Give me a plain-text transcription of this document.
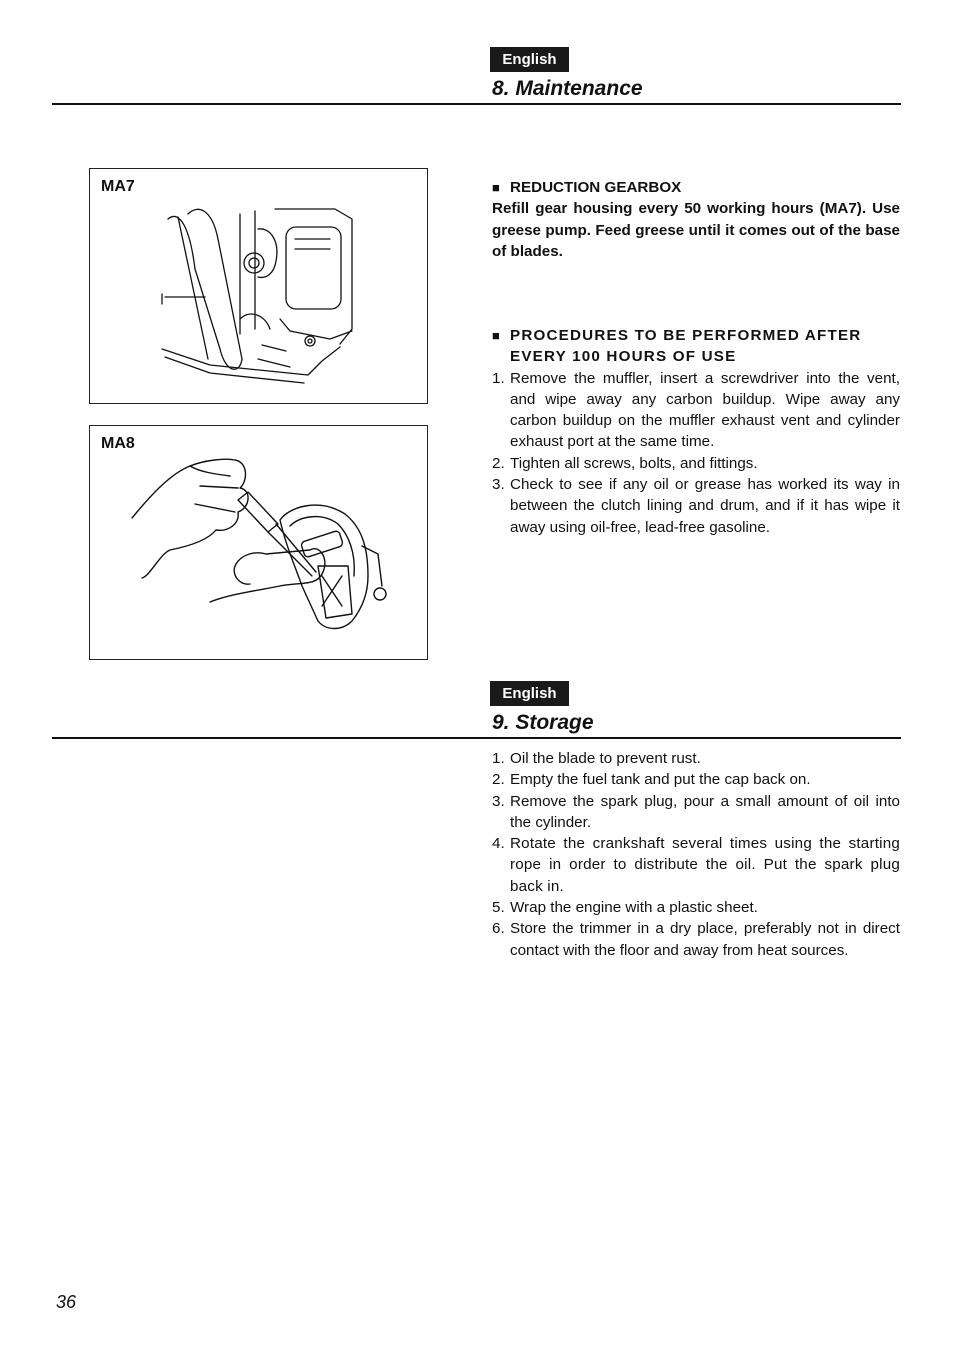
English
8. Maintenance
MA7
MA8
■ REDUCTION GEARBOX

Refill gear housing every 50 working hours (MA7). Use greese pump. Feed greese until it comes out of the base of blades.

■ PROCEDURES TO BE PERFORMED AFTER EVERY 100 HOURS OF USE
1. Remove the muffler, insert a screwdriver into the vent, and wipe away any carbon buildup. Wipe away any carbon buildup on the muffler exhaust vent and cylinder exhaust port at the same time.
2. Tighten all screws, bolts, and fittings.
3. Check to see if any oil or grease has worked its way in between the clutch lining and drum, and if it has wipe it away using oil-free, lead-free gasoline.
English
9. Storage
1. Oil the blade to prevent rust.
2. Empty the fuel tank and put the cap back on.
3. Remove the spark plug, pour a small amount of oil into the cylinder.
4. Rotate the crankshaft several times using the starting rope in order to distribute the oil. Put the spark plug back in.
5. Wrap the engine with a plastic sheet.
6. Store the trimmer in a dry place, preferably not in direct contact with the floor and away from heat sources.
36
